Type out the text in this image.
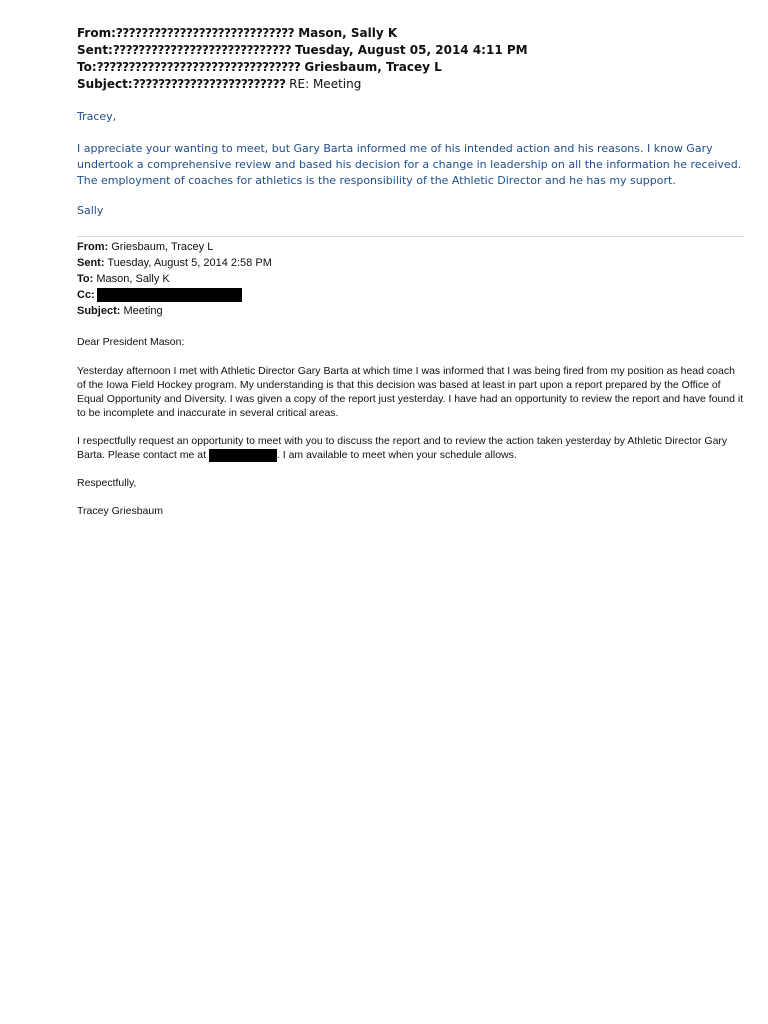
From:???????????????????????????? Mason, Sally K
Sent:???????????????????????????? Tuesday, August 05, 2014 4:11 PM
To:???????????????????????????????? Griesbaum, Tracey L
Subject:???????????????????????? RE: Meeting

Tracey,

I appreciate your wanting to meet, but Gary Barta informed me of his intended action and his reasons. I know Gary undertook a comprehensive review and based his decision for a change in leadership on all the information he received. The employment of coaches for athletics is the responsibility of the Athletic Director and he has my support.

Sally

From: Griesbaum, Tracey L
Sent: Tuesday, August 5, 2014 2:58 PM
To: Mason, Sally K
Cc:
Subject: Meeting

Dear President Mason:

Yesterday afternoon I met with Athletic Director Gary Barta at which time I was informed that I was being fired from my position as head coach of the Iowa Field Hockey program. My understanding is that this decision was based at least in part upon a report prepared by the Office of Equal Opportunity and Diversity. I was given a copy of the report just yesterday. I have had an opportunity to review the report and have found it to be incomplete and inaccurate in several critical areas.

I respectfully request an opportunity to meet with you to discuss the report and to review the action taken yesterday by Athletic Director Gary Barta. Please contact me at	. I am available to meet when your schedule allows.

Respectfully,

Tracey Griesbaum
